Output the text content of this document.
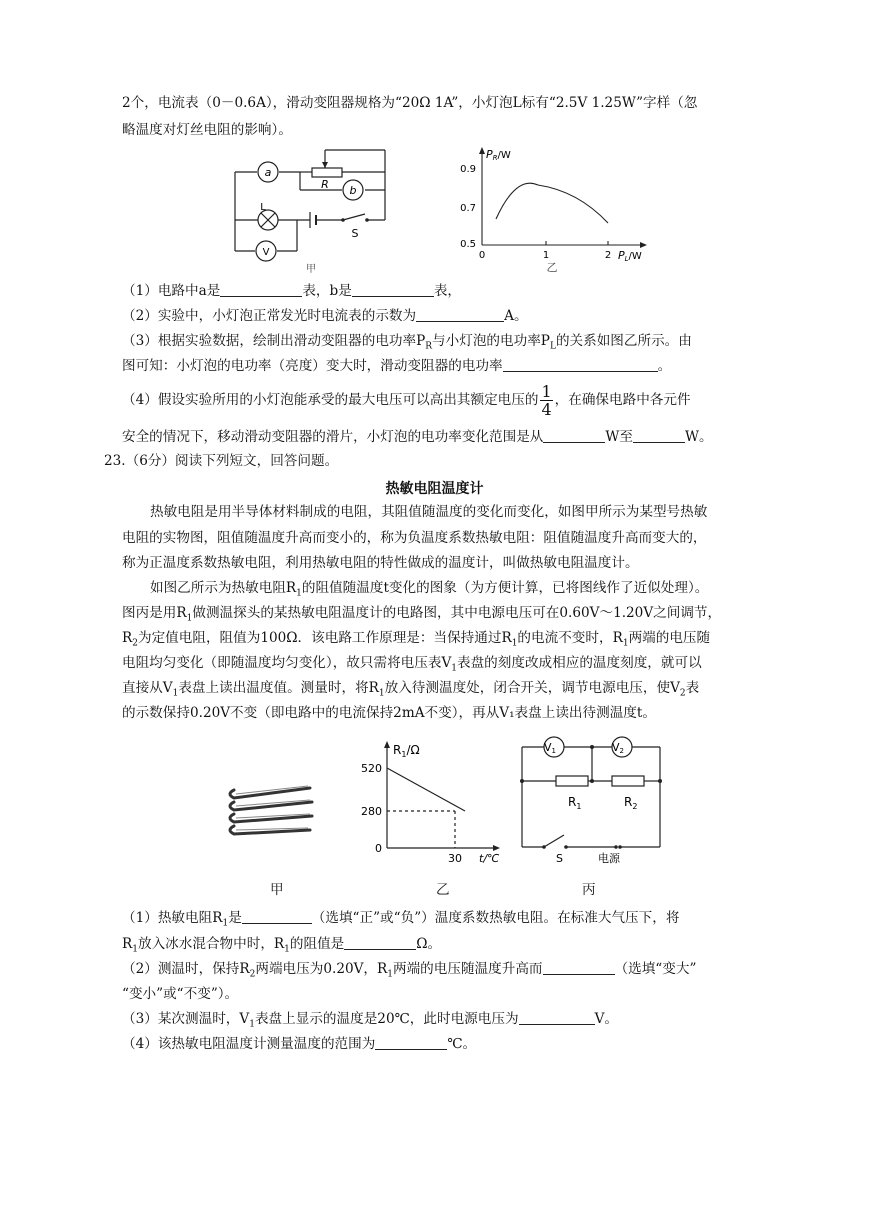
2个，电流表（0－0.6A），滑动变阻器规格为“20Ω 1A”，小灯泡L标有“2.5V 1.25W”字样（忽
略温度对灯丝电阻的影响）。
a
R b
L
V
S
甲
PR/W
0.9
0.7
0.5
0	1	2 PL/W
乙
（1）电路中a是	表，b是	表，
（2）实验中，小灯泡正常发光时电流表的示数为	A。
（3）根据实验数据，绘制出滑动变阻器的电功率$P_R$与小灯泡的电功率$P_L$的关系如图乙所示。由
图可知：小灯泡的电功率（亮度）变大时，滑动变阻器的电功率	。
（4）假设实验所用的小灯泡能承受的最大电压可以高出其额定电压的 $\frac{1}{4}$ ，在确保电路中各元件
安全的情况下，移动滑动变阻器的滑片，小灯泡的电功率变化范围是从	W至	W。
23.（6分）阅读下列短文，回答问题。
热敏电阻温度计
热敏电阻是用半导体材料制成的电阻，其阻值随温度的变化而变化，如图甲所示为某型号热敏
电阻的实物图，阻值随温度升高而变小的，称为负温度系数热敏电阻：阻值随温度升高而变大的，
称为正温度系数热敏电阻，利用热敏电阻的特性做成的温度计，叫做热敏电阻温度计。
如图乙所示为热敏电阻$R_1$的阻值随温度t变化的图象（为方便计算，已将图线作了近似处理）。
图丙是用$R_1$做测温探头的某热敏电阻温度计的电路图，其中电源电压可在0.60V～1.20V之间调节，
$R_2$为定值电阻，阻值为100Ω．该电路工作原理是：当保持通过$R_1$的电流不变时，$R_1$两端的电压随
电阻均匀变化（即随温度均匀变化），故只需将电压表$V_1$表盘的刻度改成相应的温度刻度，就可以
直接从$V_1$表盘上读出温度值。测量时，将$R_1$放入待测温度处，闭合开关，调节电源电压，使$V_2$表
的示数保持0.20V不变（即电路中的电流保持2mA不变），再从V₁表盘上读出待测温度t。
$R_1/\Omega$
520
280
0
30 t/℃
V1	V2
$R_1$	$R_2$
S	电源
甲	乙	丙
（1）热敏电阻$R_1$是	（选填“正”或“负”）温度系数热敏电阻。在标准大气压下，将
$R_1$放入冰水混合物中时，$R_1$的阻值是	Ω。
（2）测温时，保持$R_2$两端电压为0.20V，$R_1$两端的电压随温度升高而	（选填“变大”
“变小”或“不变”）。
（3）某次测温时，$V_1$表盘上显示的温度是20℃，此时电源电压为	V。
（4）该热敏电阻温度计测量温度的范围为	℃。
